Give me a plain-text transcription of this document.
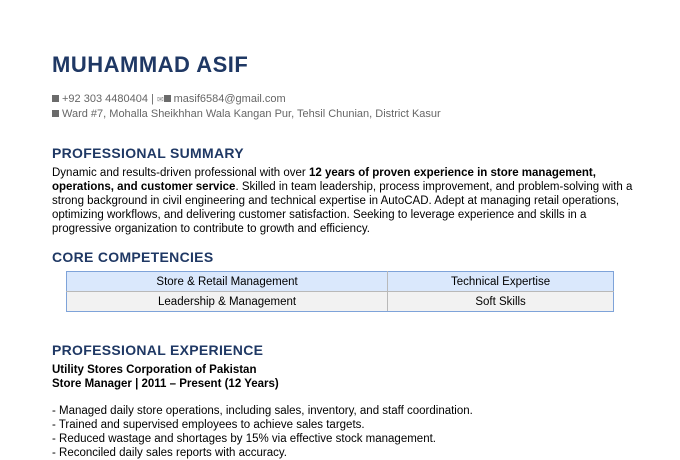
MUHAMMAD ASIF
+92 303 4480404 | ✉ masif6584@gmail.com
Ward #7, Mohalla Sheikhhan Wala Kangan Pur, Tehsil Chunian, District Kasur
PROFESSIONAL SUMMARY
Dynamic and results-driven professional with over 12 years of proven experience in store management, operations, and customer service. Skilled in team leadership, process improvement, and problem-solving with a strong background in civil engineering and technical expertise in AutoCAD. Adept at managing retail operations, optimizing workflows, and delivering customer satisfaction. Seeking to leverage experience and skills in a progressive organization to contribute to growth and efficiency.
CORE COMPETENCIES
Store & Retail Management	Technical Expertise
Leadership & Management	Soft Skills
PROFESSIONAL EXPERIENCE
Utility Stores Corporation of Pakistan
Store Manager | 2011 – Present (12 Years)
- Managed daily store operations, including sales, inventory, and staff coordination.
- Trained and supervised employees to achieve sales targets.
- Reduced wastage and shortages by 15% via effective stock management.
- Reconciled daily sales reports with accuracy.
